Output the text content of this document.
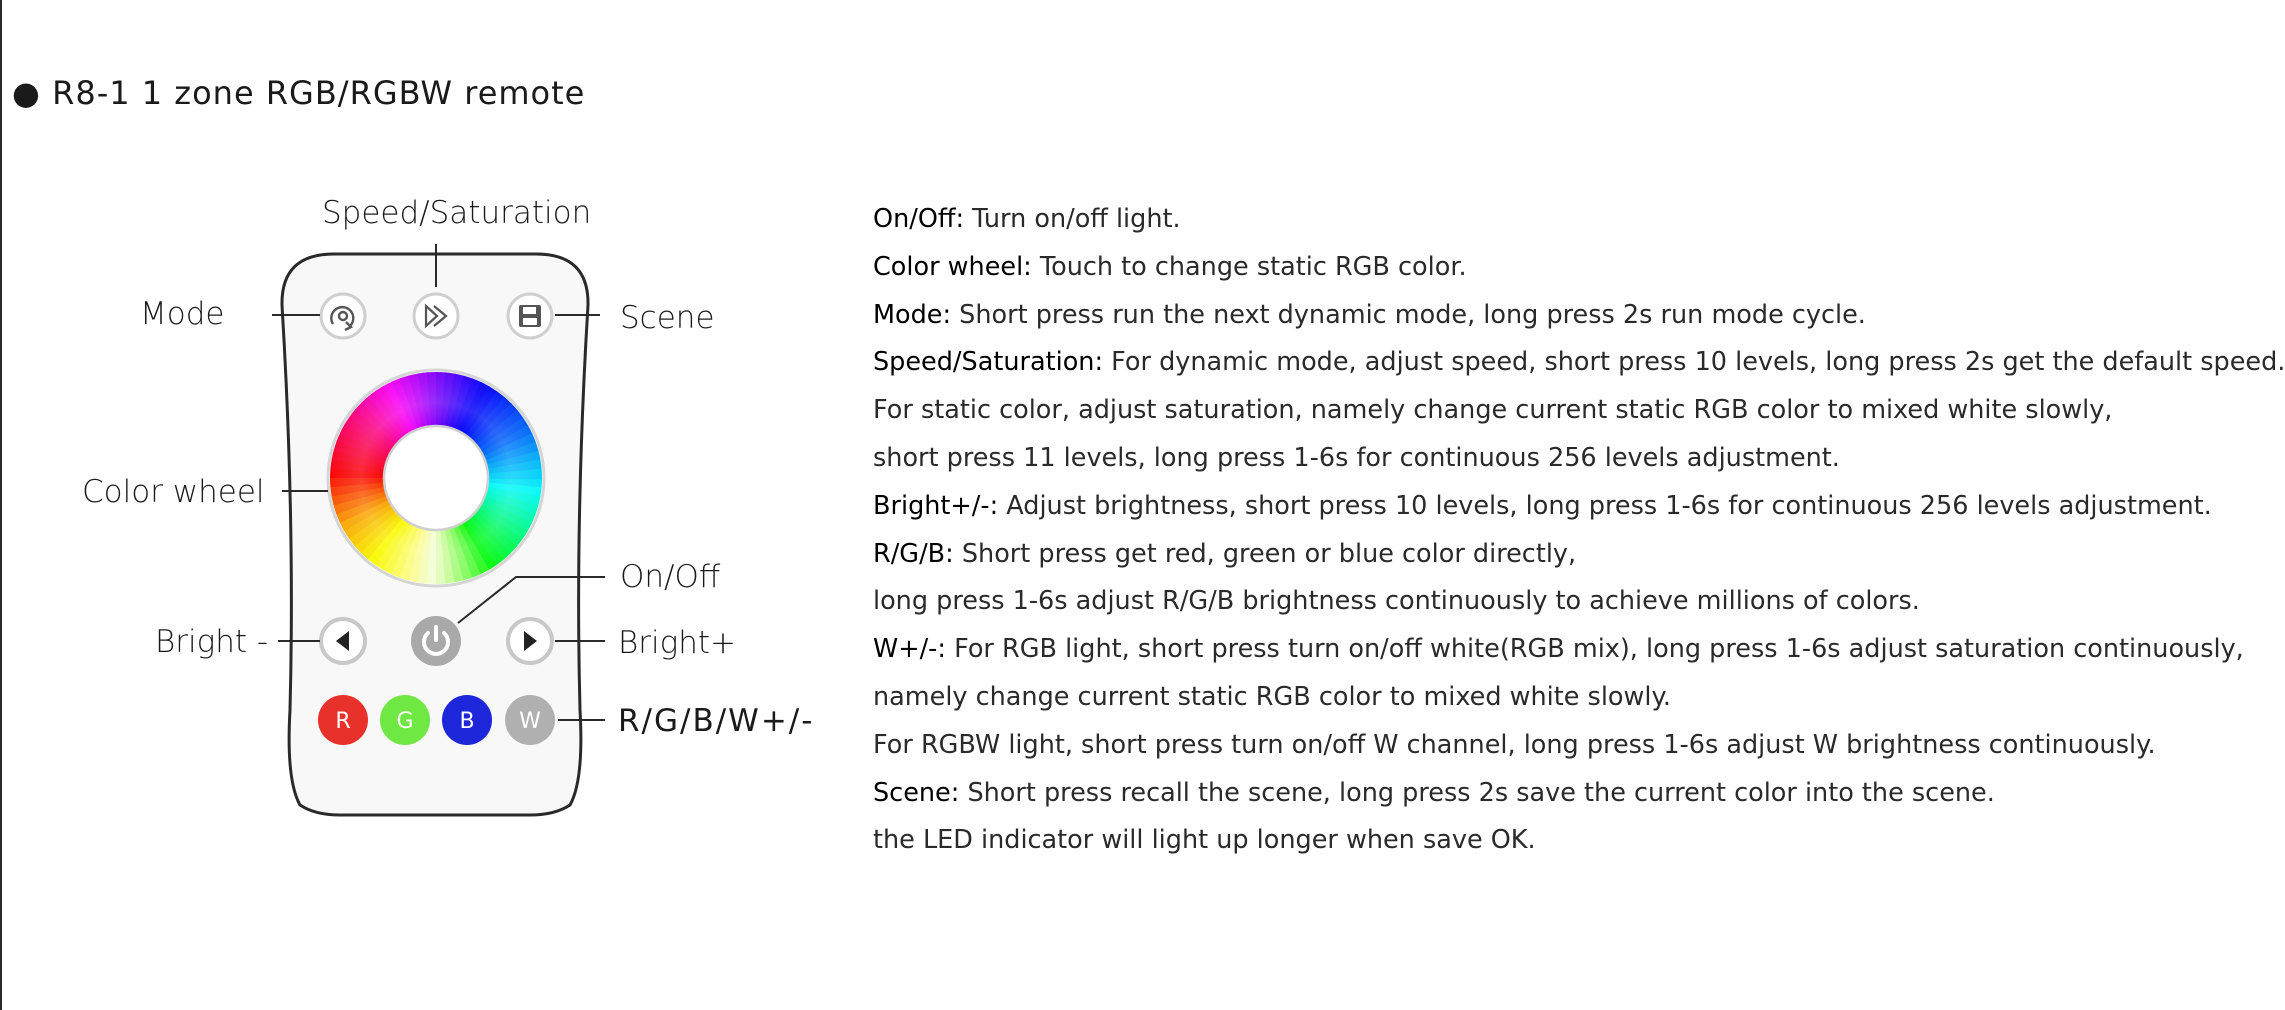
● R8-1 1 zone RGB/RGBW remote
R G B W
Speed/Saturation
Mode	Scene
Color wheel
On/Off
Bright -	Bright+
R/G/B/W+/-

On/Off: Turn on/off light.

Color wheel: Touch to change static RGB color.

Mode: Short press run the next dynamic mode, long press 2s run mode cycle.

Speed/Saturation: For dynamic mode, adjust speed, short press 10 levels, long press 2s get the default speed.

For static color, adjust saturation, namely change current static RGB color to mixed white slowly,

short press 11 levels, long press 1-6s for continuous 256 levels adjustment.

Bright+/-: Adjust brightness, short press 10 levels, long press 1-6s for continuous 256 levels adjustment.

R/G/B: Short press get red, green or blue color directly,

long press 1-6s adjust R/G/B brightness continuously to achieve millions of colors.

W+/-: For RGB light, short press turn on/off white(RGB mix), long press 1-6s adjust saturation continuously,

namely change current static RGB color to mixed white slowly.

For RGBW light, short press turn on/off W channel, long press 1-6s adjust W brightness continuously.

Scene: Short press recall the scene, long press 2s save the current color into the scene.

the LED indicator will light up longer when save OK.
